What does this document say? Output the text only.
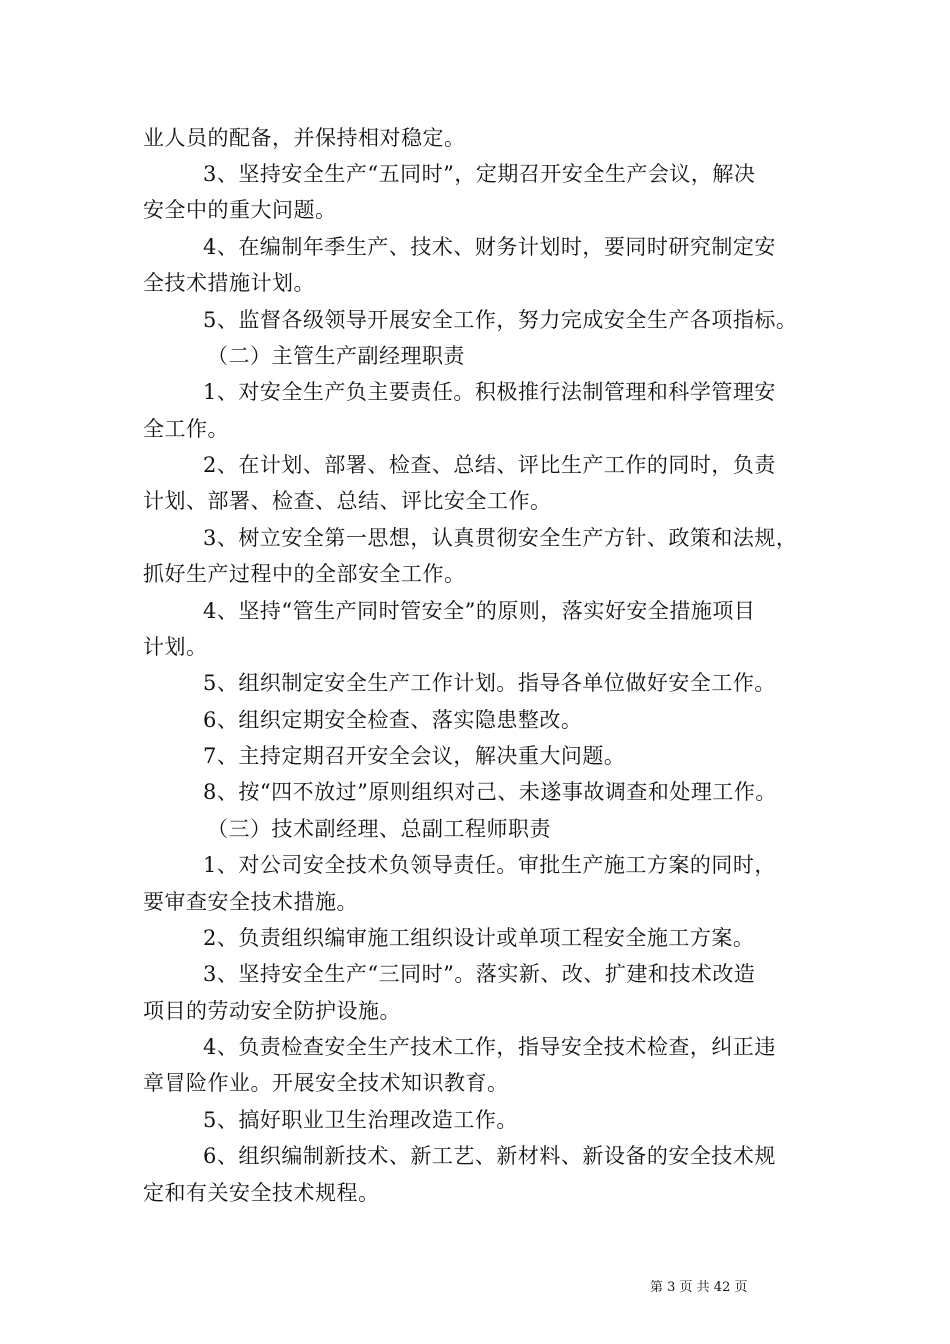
业人员的配备，并保持相对稳定。
3、坚持安全生产“五同时”，定期召开安全生产会议，解决
安全中的重大问题。
4、在编制年季生产、技术、财务计划时，要同时研究制定安
全技术措施计划。
5、监督各级领导开展安全工作，努力完成安全生产各项指标。
（二）主管生产副经理职责
1、对安全生产负主要责任。积极推行法制管理和科学管理安
全工作。
2、在计划、部署、检查、总结、评比生产工作的同时，负责
计划、部署、检查、总结、评比安全工作。
3、树立安全第一思想，认真贯彻安全生产方针、政策和法规，
抓好生产过程中的全部安全工作。
4、坚持“管生产同时管安全”的原则，落实好安全措施项目
计划。
5、组织制定安全生产工作计划。指导各单位做好安全工作。
6、组织定期安全检查、落实隐患整改。
7、主持定期召开安全会议，解决重大问题。
8、按“四不放过”原则组织对己、未遂事故调查和处理工作。
（三）技术副经理、总副工程师职责
1、对公司安全技术负领导责任。审批生产施工方案的同时，
要审查安全技术措施。
2、负责组织编审施工组织设计或单项工程安全施工方案。
3、坚持安全生产“三同时”。落实新、改、扩建和技术改造
项目的劳动安全防护设施。
4、负责检查安全生产技术工作，指导安全技术检查，纠正违
章冒险作业。开展安全技术知识教育。
5、搞好职业卫生治理改造工作。
6、组织编制新技术、新工艺、新材料、新设备的安全技术规
定和有关安全技术规程。
第 3 页 共 42 页
